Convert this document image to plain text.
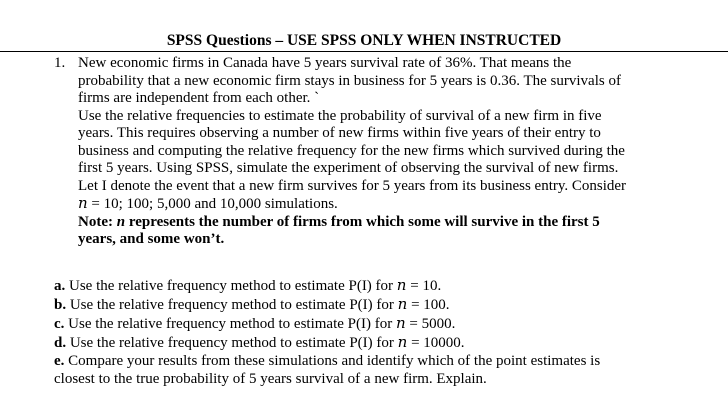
SPSS Questions – USE SPSS ONLY WHEN INSTRUCTED
1. New economic firms in Canada have 5 years survival rate of 36%. That means the
probability that a new economic firm stays in business for 5 years is 0.36. The survivals of
firms are independent from each other. `
Use the relative frequencies to estimate the probability of survival of a new firm in five
years. This requires observing a number of new firms within five years of their entry to
business and computing the relative frequency for the new firms which survived during the
first 5 years. Using SPSS, simulate the experiment of observing the survival of new firms.
Let I denote the event that a new firm survives for 5 years from its business entry. Consider
n = 10; 100; 5,000 and 10,000 simulations.
Note: n represents the number of firms from which some will survive in the first 5
years, and some won’t.
a. Use the relative frequency method to estimate P(I) for n = 10.
b. Use the relative frequency method to estimate P(I) for n = 100.
c. Use the relative frequency method to estimate P(I) for n = 5000.
d. Use the relative frequency method to estimate P(I) for n = 10000.
e. Compare your results from these simulations and identify which of the point estimates is
closest to the true probability of 5 years survival of a new firm. Explain.
